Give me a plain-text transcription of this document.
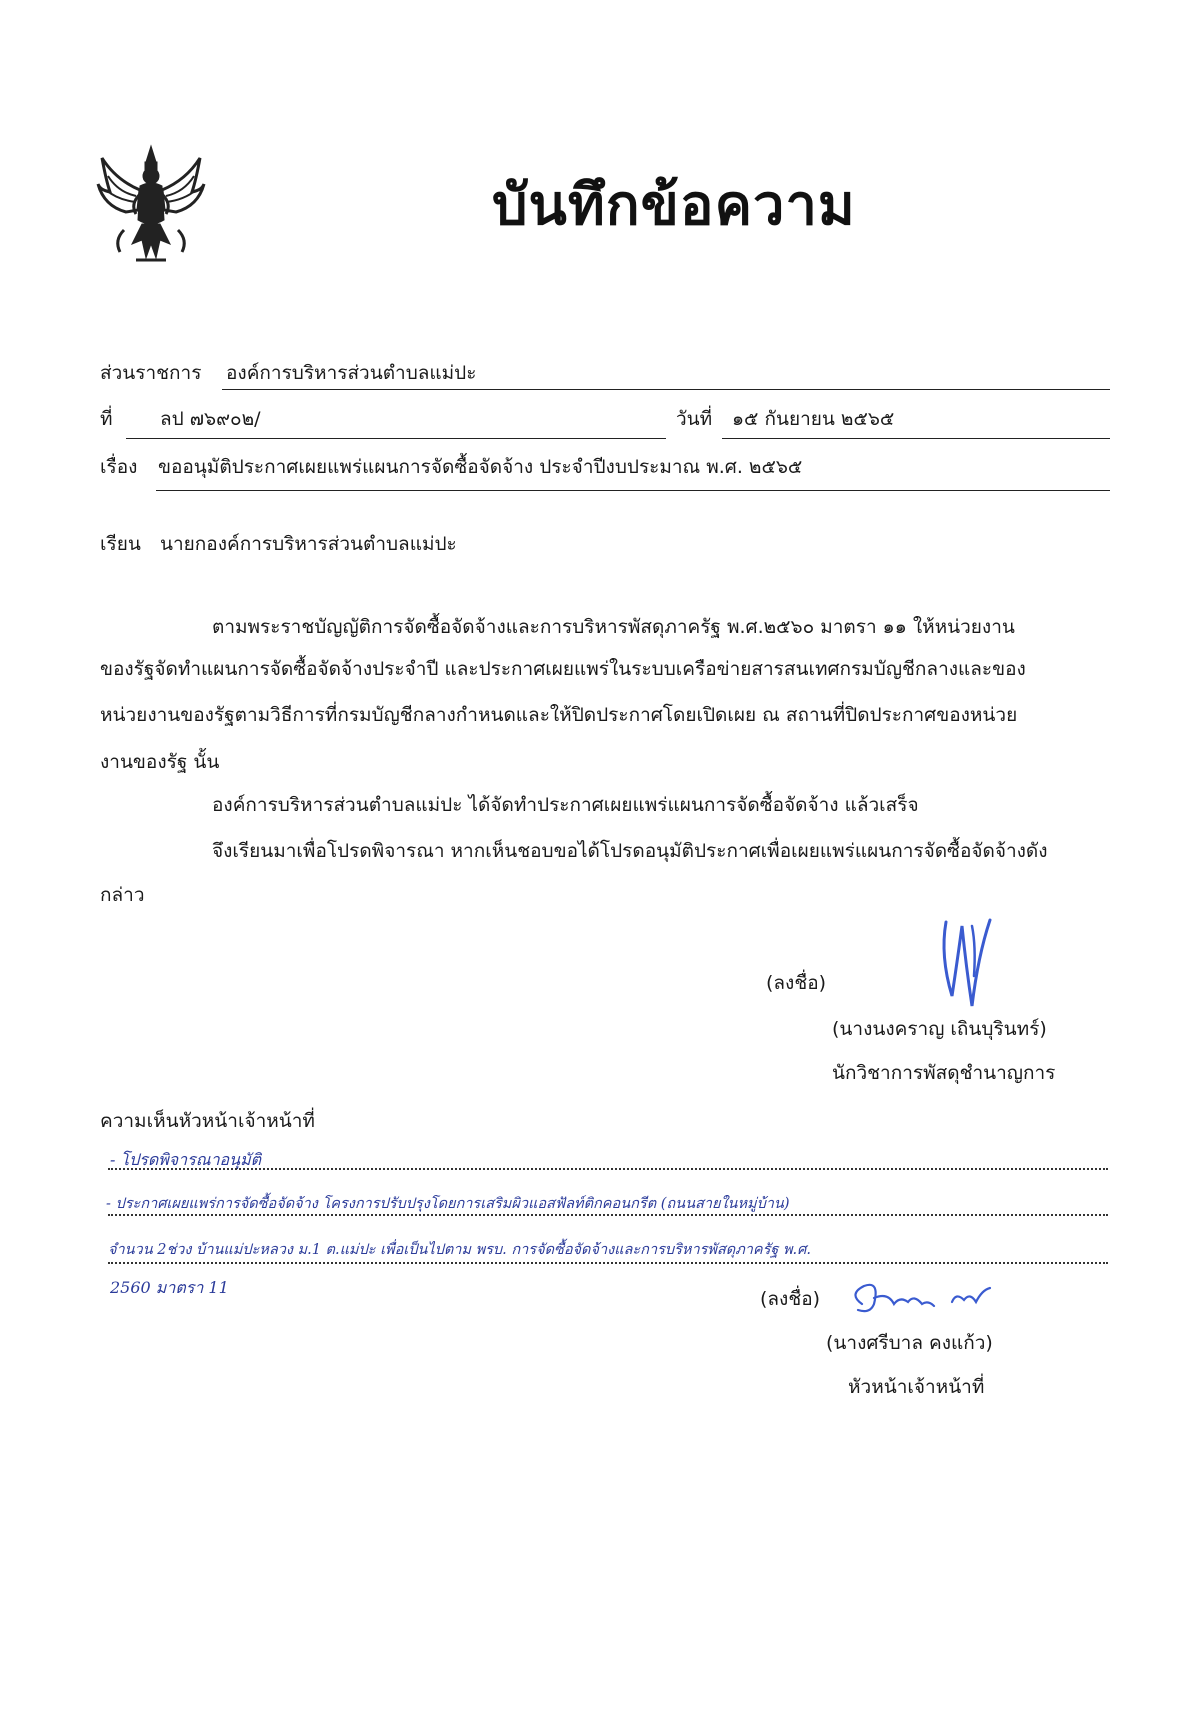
บันทึกข้อความ
ส่วนราชการ องค์การบริหารส่วนตำบลแม่ปะ
ที่ ลป ๗๖๙๐๒/	วันที่ ๑๕ กันยายน ๒๕๖๕
เรื่อง ขออนุมัติประกาศเผยแพร่แผนการจัดซื้อจัดจ้าง ประจำปีงบประมาณ พ.ศ. ๒๕๖๕
เรียน นายกองค์การบริหารส่วนตำบลแม่ปะ
ตามพระราชบัญญัติการจัดซื้อจัดจ้างและการบริหารพัสดุภาครัฐ พ.ศ.๒๕๖๐ มาตรา ๑๑ ให้หน่วยงาน
ของรัฐจัดทำแผนการจัดซื้อจัดจ้างประจำปี และประกาศเผยแพร่ในระบบเครือข่ายสารสนเทศกรมบัญชีกลางและของ
หน่วยงานของรัฐตามวิธีการที่กรมบัญชีกลางกำหนดและให้ปิดประกาศโดยเปิดเผย ณ สถานที่ปิดประกาศของหน่วย
งานของรัฐ นั้น
องค์การบริหารส่วนตำบลแม่ปะ ได้จัดทำประกาศเผยแพร่แผนการจัดซื้อจัดจ้าง แล้วเสร็จ
จึงเรียนมาเพื่อโปรดพิจารณา หากเห็นชอบขอได้โปรดอนุมัติประกาศเพื่อเผยแพร่แผนการจัดซื้อจัดจ้างดัง
กล่าว
(ลงชื่อ)
(นางนงคราญ เถินบุรินทร์)
นักวิชาการพัสดุชำนาญการ
ความเห็นหัวหน้าเจ้าหน้าที่
- โปรดพิจารณาอนุมัติ
- ประกาศเผยแพร่การจัดซื้อจัดจ้าง โครงการปรับปรุงโดยการเสริมผิวแอสฟัลท์ติกคอนกรีต (ถนนสายในหมู่บ้าน)
จำนวน 2ช่วง บ้านแม่ปะหลวง ม.1 ต.แม่ปะ เพื่อเป็นไปตาม พรบ. การจัดซื้อจัดจ้างและการบริหารพัสดุภาครัฐ พ.ศ.
2560 มาตรา 11
(ลงชื่อ)
(นางศรีบาล คงแก้ว)
หัวหน้าเจ้าหน้าที่
